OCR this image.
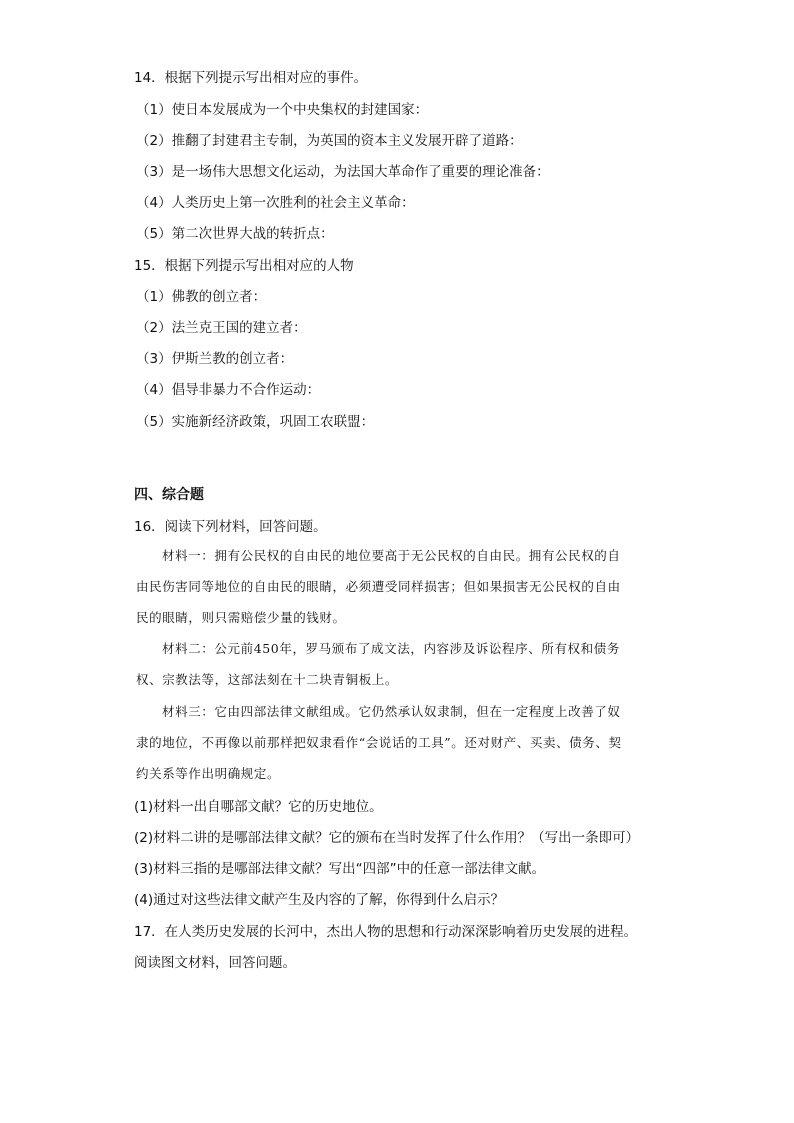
14．根据下列提示写出相对应的事件。
（1）使日本发展成为一个中央集权的封建国家：
（2）推翻了封建君主专制，为英国的资本主义发展开辟了道路：
（3）是一场伟大思想文化运动，为法国大革命作了重要的理论准备：
（4）人类历史上第一次胜利的社会主义革命：
（5）第二次世界大战的转折点：
15．根据下列提示写出相对应的人物
（1）佛教的创立者：
（2）法兰克王国的建立者：
（3）伊斯兰教的创立者：
（4）倡导非暴力不合作运动：
（5）实施新经济政策，巩固工农联盟：
四、综合题
16．阅读下列材料，回答问题。
材料一：拥有公民权的自由民的地位要高于无公民权的自由民。拥有公民权的自
由民伤害同等地位的自由民的眼睛，必须遭受同样损害；但如果损害无公民权的自由
民的眼睛，则只需赔偿少量的钱财。
材料二：公元前450年，罗马颁布了成文法，内容涉及诉讼程序、所有权和债务
权、宗教法等，这部法刻在十二块青铜板上。
材料三：它由四部法律文献组成。它仍然承认奴隶制，但在一定程度上改善了奴
隶的地位，不再像以前那样把奴隶看作“会说话的工具”。还对财产、买卖、债务、契
约关系等作出明确规定。
(1)材料一出自哪部文献？它的历史地位。
(2)材料二讲的是哪部法律文献？它的颁布在当时发挥了什么作用？（写出一条即可）
(3)材料三指的是哪部法律文献？写出“四部”中的任意一部法律文献。
(4)通过对这些法律文献产生及内容的了解，你得到什么启示？
17．在人类历史发展的长河中，杰出人物的思想和行动深深影响着历史发展的进程。
阅读图文材料，回答问题。
